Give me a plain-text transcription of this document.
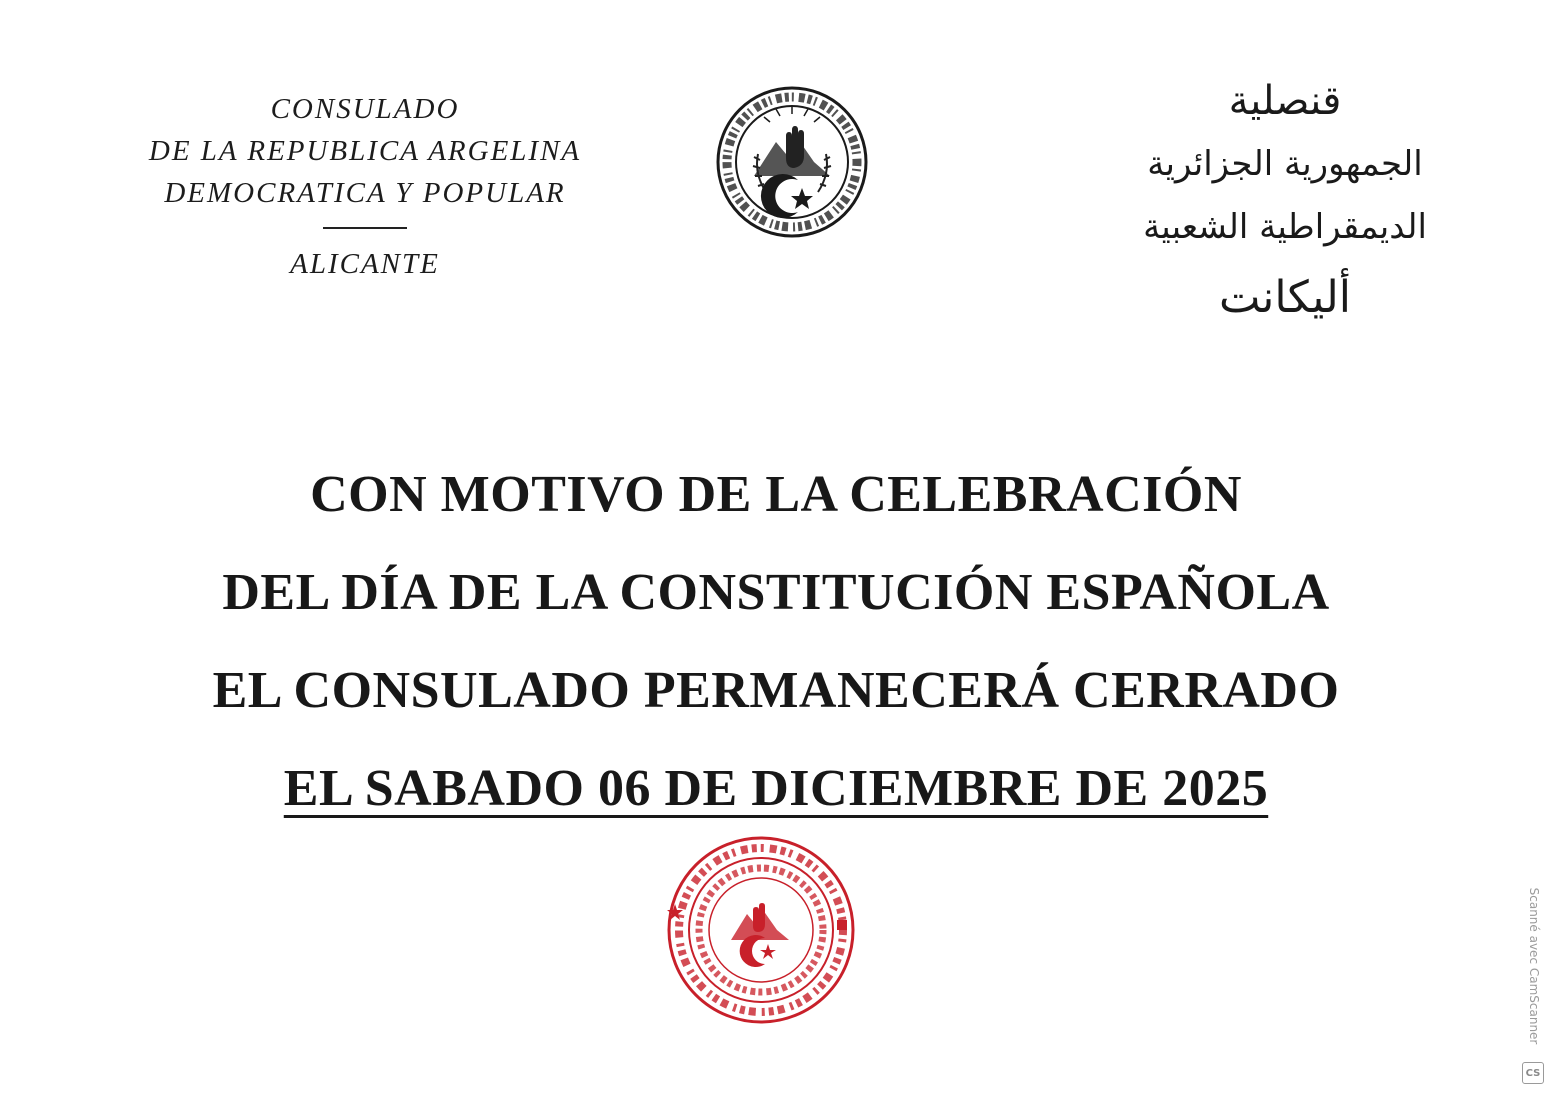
CONSULADO
DE LA REPUBLICA ARGELINA
DEMOCRATICA Y POPULAR
ALICANTE
قنصلية
الجمهورية الجزائرية
الديمقراطية الشعبية
أليكانت
CON MOTIVO DE LA CELEBRACIÓN
DEL DÍA DE LA CONSTITUCIÓN ESPAÑOLA
EL CONSULADO PERMANECERÁ CERRADO
EL SABADO 06 DE DICIEMBRE DE 2025
Scanné avec CamScanner
CS
